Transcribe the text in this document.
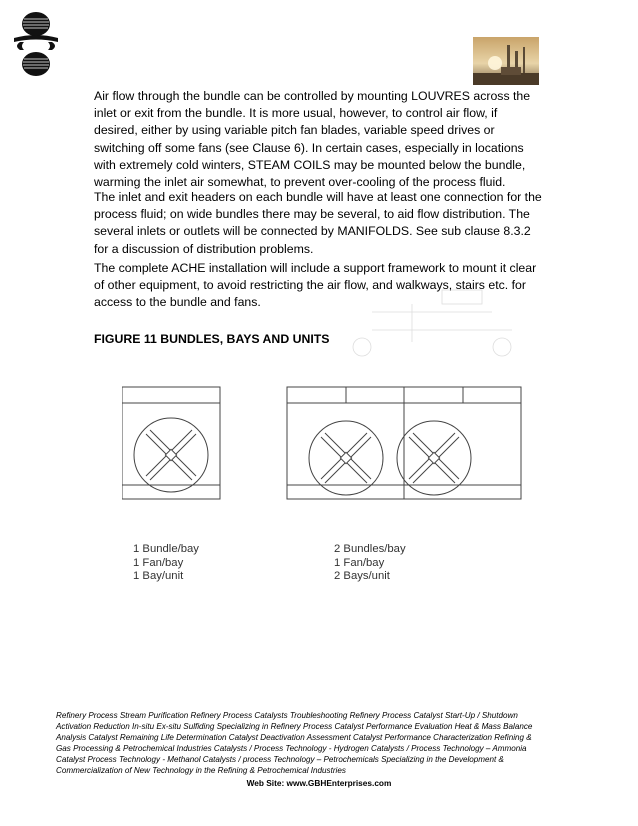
Air flow through the bundle can be controlled by mounting LOUVRES across the inlet or exit from the bundle. It is more usual, however, to control air flow, if desired, either by using variable pitch fan blades, variable speed drives or switching off some fans (see Clause 6). In certain cases, especially in locations with extremely cold winters, STEAM COILS may be mounted below the bundle, warming the inlet air somewhat, to prevent over-cooling of the process fluid.

The inlet and exit headers on each bundle will have at least one connection for the process fluid; on wide bundles there may be several, to aid flow distribution. The several inlets or outlets will be connected by MANIFOLDS. See sub clause 8.3.2 for a discussion of distribution problems.

The complete ACHE installation will include a support framework to mount it clear of other equipment, to avoid restricting the air flow, and walkways, stairs etc. for access to the bundle and fans.

FIGURE 11 BUNDLES, BAYS AND UNITS

1 Bundle/bay
1 Fan/bay
1 Bay/unit
2 Bundles/bay
1 Fan/bay
2 Bays/unit

Refinery Process Stream Purification Refinery Process Catalysts Troubleshooting Refinery Process Catalyst Start-Up / Shutdown Activation Reduction In-situ Ex-situ Sulfiding Specializing in Refinery Process Catalyst Performance Evaluation Heat & Mass Balance Analysis Catalyst Remaining Life Determination Catalyst Deactivation Assessment Catalyst Performance Characterization Refining & Gas Processing & Petrochemical Industries Catalysts / Process Technology - Hydrogen Catalysts / Process Technology – Ammonia Catalyst Process Technology - Methanol Catalysts / process Technology – Petrochemicals Specializing in the Development & Commercialization of New Technology in the Refining & Petrochemical Industries

Web Site: www.GBHEnterprises.com
